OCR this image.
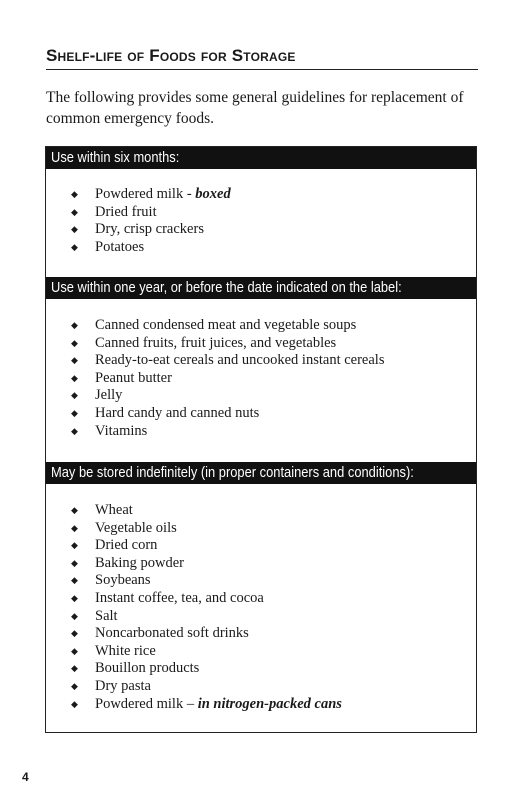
Shelf-life of Foods for Storage
The following provides some general guidelines for replacement of common emergency foods.
Use within six months:
◆ Powdered milk - boxed
◆ Dried fruit
◆ Dry, crisp crackers
◆ Potatoes
Use within one year, or before the date indicated on the label:
◆ Canned condensed meat and vegetable soups
◆ Canned fruits, fruit juices, and vegetables
◆ Ready-to-eat cereals and uncooked instant cereals
◆ Peanut butter
◆ Jelly
◆ Hard candy and canned nuts
◆ Vitamins
May be stored indefinitely (in proper containers and conditions):
◆ Wheat
◆ Vegetable oils
◆ Dried corn
◆ Baking powder
◆ Soybeans
◆ Instant coffee, tea, and cocoa
◆ Salt
◆ Noncarbonated soft drinks
◆ White rice
◆ Bouillon products
◆ Dry pasta
◆ Powdered milk – in nitrogen-packed cans
4
